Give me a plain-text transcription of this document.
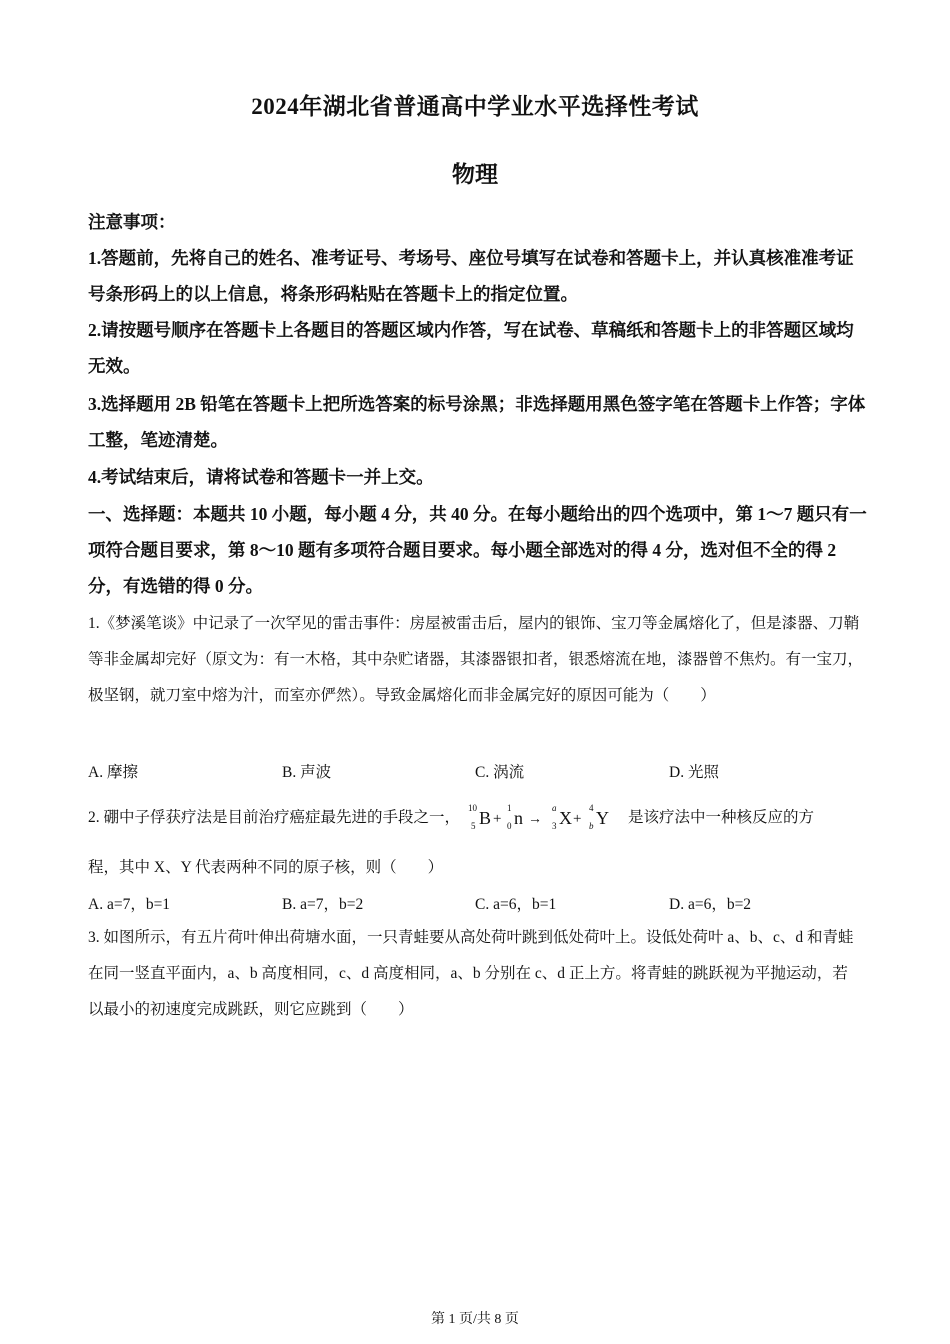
2024年湖北省普通高中学业水平选择性考试
物理
注意事项：
1.答题前，先将自己的姓名、准考证号、考场号、座位号填写在试卷和答题卡上，并认真核准准考证号条形码上的以上信息，将条形码粘贴在答题卡上的指定位置。
2.请按题号顺序在答题卡上各题目的答题区域内作答，写在试卷、草稿纸和答题卡上的非答题区域均无效。
3.选择题用 2B 铅笔在答题卡上把所选答案的标号涂黑；非选择题用黑色签字笔在答题卡上作答；字体工整，笔迹清楚。
4.考试结束后，请将试卷和答题卡一并上交。
一、选择题：本题共 10 小题，每小题 4 分，共 40 分。在每小题给出的四个选项中，第 1～7 题只有一项符合题目要求，第 8～10 题有多项符合题目要求。每小题全部选对的得 4 分，选对但不全的得 2 分，有选错的得 0 分。
1.《梦溪笔谈》中记录了一次罕见的雷击事件：房屋被雷击后，屋内的银饰、宝刀等金属熔化了，但是漆器、刀鞘等非金属却完好（原文为：有一木格，其中杂贮诸器，其漆器银扣者，银悉熔流在地，漆器曾不焦灼。有一宝刀，极坚钢，就刀室中熔为汁，而室亦俨然）。导致金属熔化而非金属完好的原因可能为（　　）
A. 摩擦	B. 声波	C. 涡流	D. 光照
2. 硼中子俘获疗法是目前治疗癌症最先进的手段之一，
10
5 B +
1
0 n →
a
3 X +
4
b Y 是该疗法中一种核反应的方
程，其中 X、Y 代表两种不同的原子核，则（　　）
A. a=7，b=1	B. a=7，b=2	C. a=6，b=1	D. a=6，b=2
3. 如图所示，有五片荷叶伸出荷塘水面，一只青蛙要从高处荷叶跳到低处荷叶上。设低处荷叶 a、b、c、d 和青蛙在同一竖直平面内，a、b 高度相同，c、d 高度相同，a、b 分别在 c、d 正上方。将青蛙的跳跃视为平抛运动，若以最小的初速度完成跳跃，则它应跳到（　　）
第 1 页/共 8 页
